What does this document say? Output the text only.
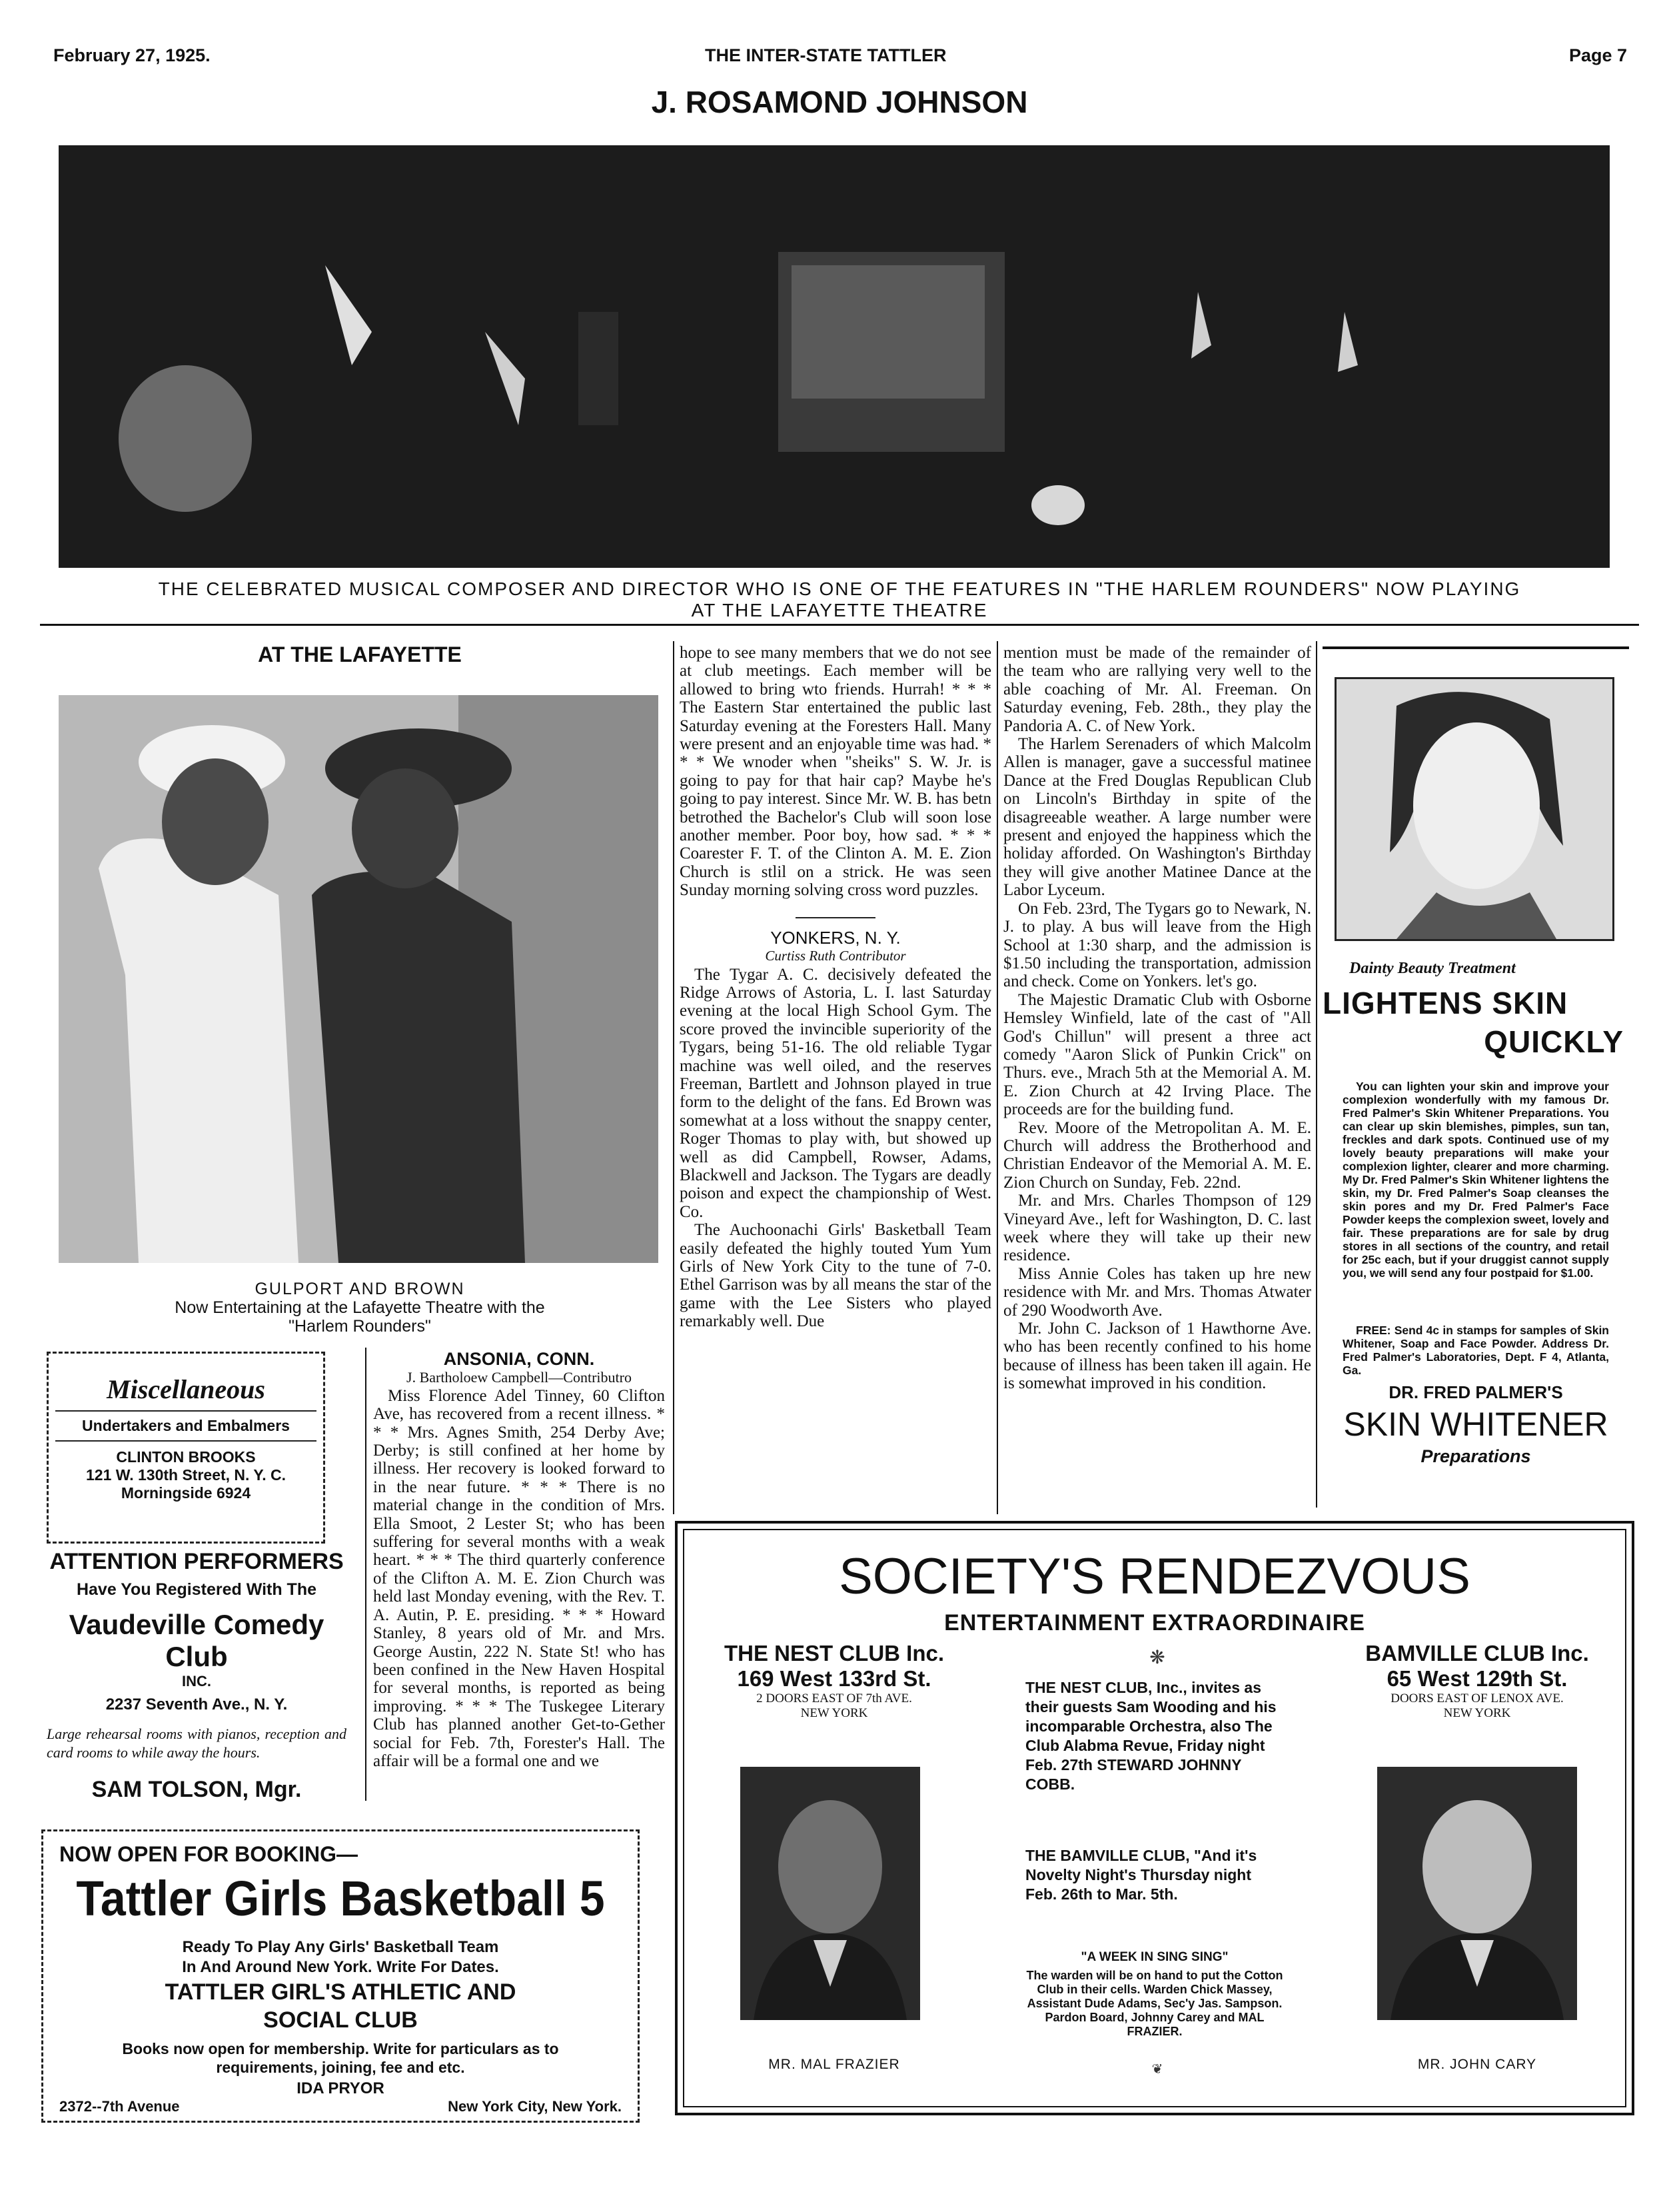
February 27, 1925.	THE INTER-STATE TATTLER	Page 7
J. ROSAMOND JOHNSON
THE CELEBRATED MUSICAL COMPOSER AND DIRECTOR WHO IS ONE OF THE FEATURES IN "THE HARLEM ROUNDERS" NOW PLAYING
AT THE LAFAYETTE THEATRE
AT THE LAFAYETTE
GULPORT AND BROWN
Now Entertaining at the Lafayette Theatre with the
"Harlem Rounders"
Miscellaneous
Undertakers and Embalmers
CLINTON BROOKS
121 W. 130th Street, N. Y. C.
Morningside 6924
ATTENTION PERFORMERS
Have You Registered With The
Vaudeville Comedy Club
INC.
2237 Seventh Ave., N. Y.
Large rehearsal rooms with pianos, reception and card rooms to while away the hours.
SAM TOLSON, Mgr.
ANSONIA, CONN.
J. Bartholoew Campbell—Contributro

Miss Florence Adel Tinney, 60 Clifton Ave, has recovered from a recent illness. * * * Mrs. Agnes Smith, 254 Derby Ave; Derby; is still confined at her home by illness. Her recovery is looked forward to in the near future. * * * There is no material change in the condition of Mrs. Ella Smoot, 2 Lester St; who has been suffering for several months with a weak heart. * * * The third quarterly conference of the Clifton A. M. E. Zion Church was held last Monday evening, with the Rev. T. A. Autin, P. E. presiding. * * * Howard Stanley, 8 years old of Mr. and Mrs. George Austin, 222 N. State St! who has been confined in the New Haven Hospital for several months, is reported as being improving. * * * The Tuskegee Literary Club has planned another Get-to-Gether social for Feb. 7th, Forester's Hall. The affair will be a formal one and we

hope to see many members that we do not see at club meetings. Each member will be allowed to bring wto friends. Hurrah! * * * The Eastern Star entertained the public last Saturday evening at the Foresters Hall. Many were present and an enjoyable time was had. * * * We wnoder when "sheiks" S. W. Jr. is going to pay for that hair cap? Maybe he's going to pay interest. Since Mr. W. B. has betn betrothed the Bachelor's Club will soon lose another member. Poor boy, how sad. * * * Coarester F. T. of the Clinton A. M. E. Zion Church is stlil on a strick. He was seen Sunday morning solving cross word puzzles.

YONKERS, N. Y.
Curtiss Ruth Contributor

The Tygar A. C. decisively defeated the Ridge Arrows of Astoria, L. I. last Saturday evening at the local High School Gym. The score proved the invincible superiority of the Tygars, being 51-16. The old reliable Tygar machine was well oiled, and the reserves Freeman, Bartlett and Johnson played in true form to the delight of the fans. Ed Brown was somewhat at a loss without the snappy center, Roger Thomas to play with, but showed up well as did Campbell, Rowser, Adams, Blackwell and Jackson. The Tygars are deadly poison and expect the championship of West. Co.

The Auchoonachi Girls' Basketball Team easily defeated the highly touted Yum Yum Girls of New York City to the tune of 7-0. Ethel Garrison was by all means the star of the game with the Lee Sisters who played remarkably well. Due

mention must be made of the remainder of the team who are rallying very well to the able coaching of Mr. Al. Freeman. On Saturday evening, Feb. 28th., they play the Pandoria A. C. of New York.

The Harlem Serenaders of which Malcolm Allen is manager, gave a successful matinee Dance at the Fred Douglas Republican Club on Lincoln's Birthday in spite of the disagreeable weather. A large number were present and enjoyed the happiness which the holiday afforded. On Washington's Birthday they will give another Matinee Dance at the Labor Lyceum.

On Feb. 23rd, The Tygars go to Newark, N. J. to play. A bus will leave from the High School at 1:30 sharp, and the admission is $1.50 including the transportation, admission and check. Come on Yonkers. let's go.

The Majestic Dramatic Club with Osborne Hemsley Winfield, late of the cast of "All God's Chillun" will present a three act comedy "Aaron Slick of Punkin Crick" on Thurs. eve., Mrach 5th at the Memorial A. M. E. Zion Church at 42 Irving Place. The proceeds are for the building fund.

Rev. Moore of the Metropolitan A. M. E. Church will address the Brotherhood and Christian Endeavor of the Memorial A. M. E. Zion Church on Sunday, Feb. 22nd.

Mr. and Mrs. Charles Thompson of 129 Vineyard Ave., left for Washington, D. C. last week where they will take up their new residence.

Miss Annie Coles has taken up hre new residence with Mr. and Mrs. Thomas Atwater of 290 Woodworth Ave.

Mr. John C. Jackson of 1 Hawthorne Ave. who has been recently confined to his home because of illness has been taken ill again. He is somewhat improved in his condition.

Dainty Beauty Treatment
LIGHTENS SKIN
QUICKLY
You can lighten your skin and improve your complexion wonderfully with my famous Dr. Fred Palmer's Skin Whitener Preparations. You can clear up skin blemishes, pimples, sun tan, freckles and dark spots. Continued use of my lovely beauty preparations will make your complexion lighter, clearer and more charming. My Dr. Fred Palmer's Skin Whitener lightens the skin, my Dr. Fred Palmer's Soap cleanses the skin pores and my Dr. Fred Palmer's Face Powder keeps the complexion sweet, lovely and fair. These preparations are for sale by drug stores in all sections of the country, and retail for 25c each, but if your druggist cannot supply you, we will send any four postpaid for $1.00.
FREE: Send 4c in stamps for samples of Skin Whitener, Soap and Face Powder. Address Dr. Fred Palmer's Laboratories, Dept. F 4, Atlanta, Ga.
DR. FRED PALMER'S
SKIN WHITENER
Preparations
SOCIETY'S RENDEZVOUS
ENTERTAINMENT EXTRAORDINAIRE
THE NEST CLUB Inc.
169 West 133rd St.
2 DOORS EAST OF 7th AVE.
NEW YORK
MR. MAL FRAZIER
❋
THE NEST CLUB, Inc., invites as their guests Sam Wooding and his incomparable Orchestra, also The Club Alabma Revue, Friday night Feb. 27th STEWARD JOHNNY COBB.
THE BAMVILLE CLUB, "And it's Novelty Night's Thursday night Feb. 26th to Mar. 5th.
"A WEEK IN SING SING"
The warden will be on hand to put the Cotton Club in their cells. Warden Chick Massey, Assistant Dude Adams, Sec'y Jas. Sampson. Pardon Board, Johnny Carey and MAL FRAZIER.
❦
BAMVILLE CLUB Inc.
65 West 129th St.
DOORS EAST OF LENOX AVE.
NEW YORK
MR. JOHN CARY
NOW OPEN FOR BOOKING—
Tattler Girls Basketball 5
Ready To Play Any Girls' Basketball Team
In And Around New York. Write For Dates.
TATTLER GIRL'S ATHLETIC AND
SOCIAL CLUB
Books now open for membership. Write for particulars as to requirements, joining, fee and etc.
IDA PRYOR
2372--7th Avenue	New York City, New York.
